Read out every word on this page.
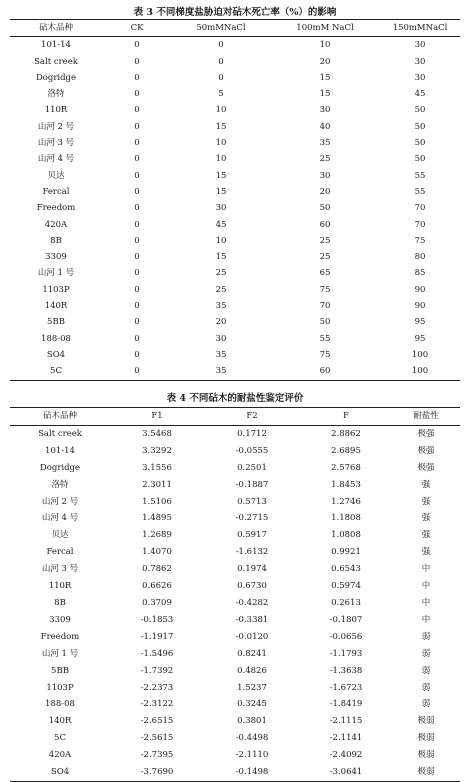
表 3 不同梯度盐胁迫对砧木死亡率（%）的影响
砧木品种	CK	50mMNaCl	100mM NaCl	150mMNaCl
101-14	0	0	10	30
Salt creek	0	0	20	30
Dogridge	0	0	15	30
洛特	0	5	15	45
110R	0	10	30	50
山河 2 号	0	15	40	50
山河 3 号	0	10	35	50
山河 4 号	0	10	25	50
贝达	0	15	30	55
Fercal	0	15	20	55
Freedom	0	30	50	70
420A	0	45	60	70
8B	0	10	25	75
3309	0	15	25	80
山河 1 号	0	25	65	85
1103P	0	25	75	90
140R	0	35	70	90
5BB	0	20	50	95
188-08	0	30	55	95
SO4	0	35	75	100
5C	0	35	60	100
表 4 不同砧木的耐盐性鉴定评价
砧木品种	F1	F2	F	耐盐性
Salt creek	3.5468	0.1712	2.8862	极强
101-14	3.3292	-0.0555	2.6895	极强
Dogridge	3.1556	0.2501	2.5768	极强
洛特	2.3011	-0.1887	1.8453	强
山河 2 号	1.5106	0.5713	1.2746	强
山河 4 号	1.4895	-0.2715	1.1808	强
贝达	1.2689	0.5917	1.0808	强
Fercal	1.4070	-1.6132	0.9921	强
山河 3 号	0.7862	0.1974	0.6543	中
110R	0.6626	0.6730	0.5974	中
8B	0.3709	-0.4282	0.2613	中
3309	-0.1853	-0.3381	-0.1807	中
Freedom	-1.1917	-0.0120	-0.0656	弱
山河 1 号	-1.5496	0.8241	-1.1793	弱
5BB	-1.7392	0.4826	-1.3638	弱
1103P	-2.2373	1.5237	-1.6723	弱
188-08	-2.3122	0.3245	-1.8419	弱
140R	-2.6515	0.3801	-2.1115	极弱
5C	-2.5615	-0.4498	-2.1141	极弱
420A	-2.7395	-2.1110	-2.4092	极弱
SO4	-3.7690	-0.1498	-3.0641	极弱
